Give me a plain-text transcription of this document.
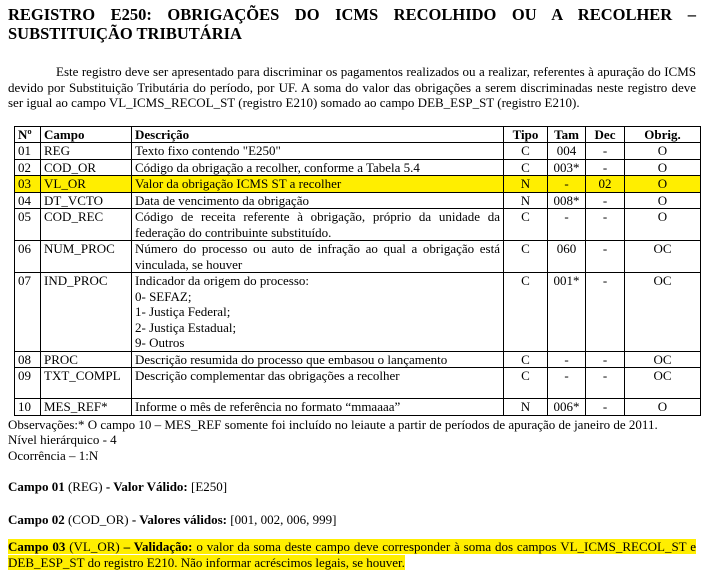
REGISTRO E250: OBRIGAÇÕES DO ICMS RECOLHIDO OU A RECOLHER – SUBSTITUIÇÃO TRIBUTÁRIA

Este registro deve ser apresentado para discriminar os pagamentos realizados ou a realizar, referentes à apuração do ICMS devido por Substituição Tributária do período, por UF. A soma do valor das obrigações a serem discriminadas neste registro deve ser igual ao campo VL_ICMS_RECOL_ST (registro E210) somado ao campo DEB_ESP_ST (registro E210).

Nº	Campo	Descrição	Tipo	Tam	Dec	Obrig.
01	REG	Texto fixo contendo "E250"	C	004	-	O
02	COD_OR	Código da obrigação a recolher, conforme a Tabela 5.4	C	003*	-	O
03	VL_OR	Valor da obrigação ICMS ST a recolher	N	-	02	O
04	DT_VCTO	Data de vencimento da obrigação	N	008*	-	O
05	COD_REC	Código de receita referente à obrigação, próprio da unidade da federação do contribuinte substituído.	C	-	-	O
06	NUM_PROC	Número do processo ou auto de infração ao qual a obrigação está vinculada, se houver	C	060	-	OC
07	IND_PROC	Indicador da origem do processo:
0- SEFAZ;
1- Justiça Federal;
2- Justiça Estadual;
9- Outros	C	001*	-	OC
08	PROC	Descrição resumida do processo que embasou o lançamento	C	-	-	OC
09	TXT_COMPL	Descrição complementar das obrigações a recolher	C	-	-	OC
10	MES_REF*	Informe o mês de referência no formato “mmaaaa”	N	006*	-	O

Observações:* O campo 10 – MES_REF somente foi incluído no leiaute a partir de períodos de apuração de janeiro de 2011.

Nível hierárquico - 4

Ocorrência – 1:N

Campo 01 (REG) - Valor Válido: [E250]
Campo 02 (COD_OR) - Valores válidos: [001, 002, 006, 999]
Campo 03 (VL_OR) – Validação: o valor da soma deste campo deve corresponder à soma dos campos VL_ICMS_RECOL_ST e DEB_ESP_ST do registro E210. Não informar acréscimos legais, se houver.
